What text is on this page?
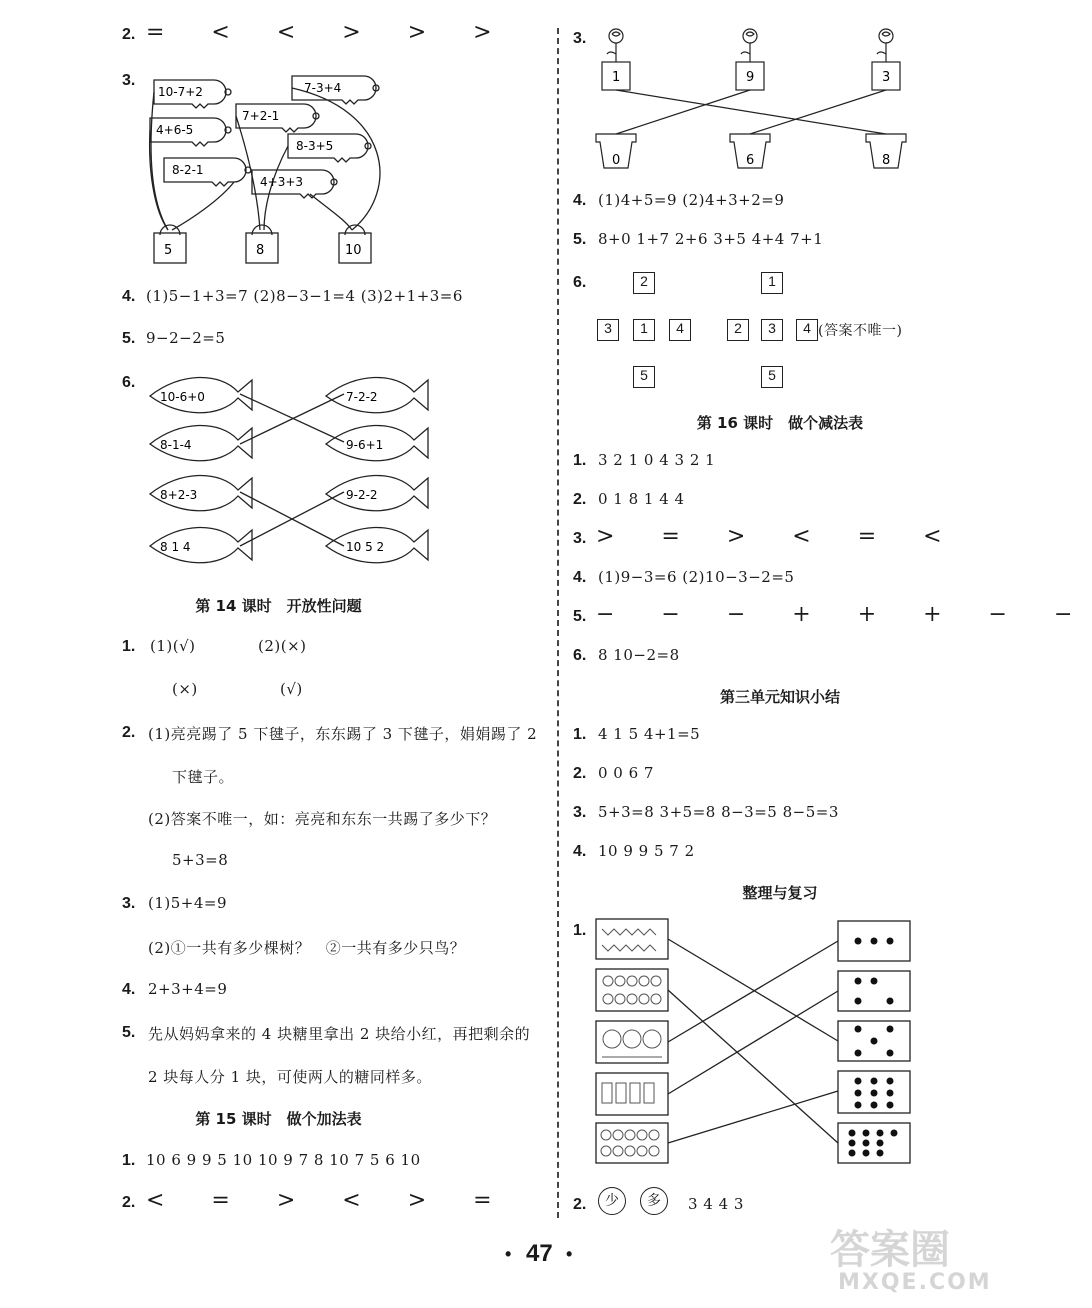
2. = < < > > >
3.
10-7+2
4+6-5
8-2-1
7-3+4
7+2-1
8-3+5
4+3+3
5	8	10
4. (1)5−1+3=7 (2)8−3−1=4 (3)2+1+3=6
5. 9−2−2=5
6.
10-6+0
8-1-4
8+2-3
8 1 4
7-2-2
9-6+1
9-2-2
10 5 2
第 14 课时　开放性问题
1. (1)(√)	(2)(×)
(×)	(√)
2. (1)亮亮踢了 5 下毽子，东东踢了 3 下毽子，娟娟踢了 2
下毽子。
(2)答案不唯一，如：亮亮和东东一共踢了多少下？
5+3=8
3. (1)5+4=9
(2)①一共有多少棵树？　②一共有多少只鸟？
4. 2+3+4=9
5. 先从妈妈拿来的 4 块糖里拿出 2 块给小红，再把剩余的
2 块每人分 1 块，可使两人的糖同样多。
第 15 课时　做个加法表
1. 10 6 9 9 5 10 10 9 7 8 10 7 5 6 10
2. < = > < > =
3.
1	9	3
0	6	8
4. (1)4+5=9 (2)4+3+2=9
5. 8+0 1+7 2+6 3+5 4+4 7+1
6.	2	1
3	1	4	2	3	4 (答案不唯一)
5	5
第 16 课时　做个减法表
1. 3 2 1 0 4 3 2 1
2. 0 1 8 1 4 4
3. > = > < = <
4. (1)9−3=6 (2)10−3−2=5
5. − − − + + + − −
6. 8 10−2=8
第三单元知识小结
1. 4 1 5 4+1=5
2. 0 0 6 7
3. 5+3=8 3+5=8 8−3=5 8−5=3
4. 10 9 9 5 7 2
整理与复习
1.
2.	少	多	3 4 4 3
• 47 •	答案圈
MXQE.COM
